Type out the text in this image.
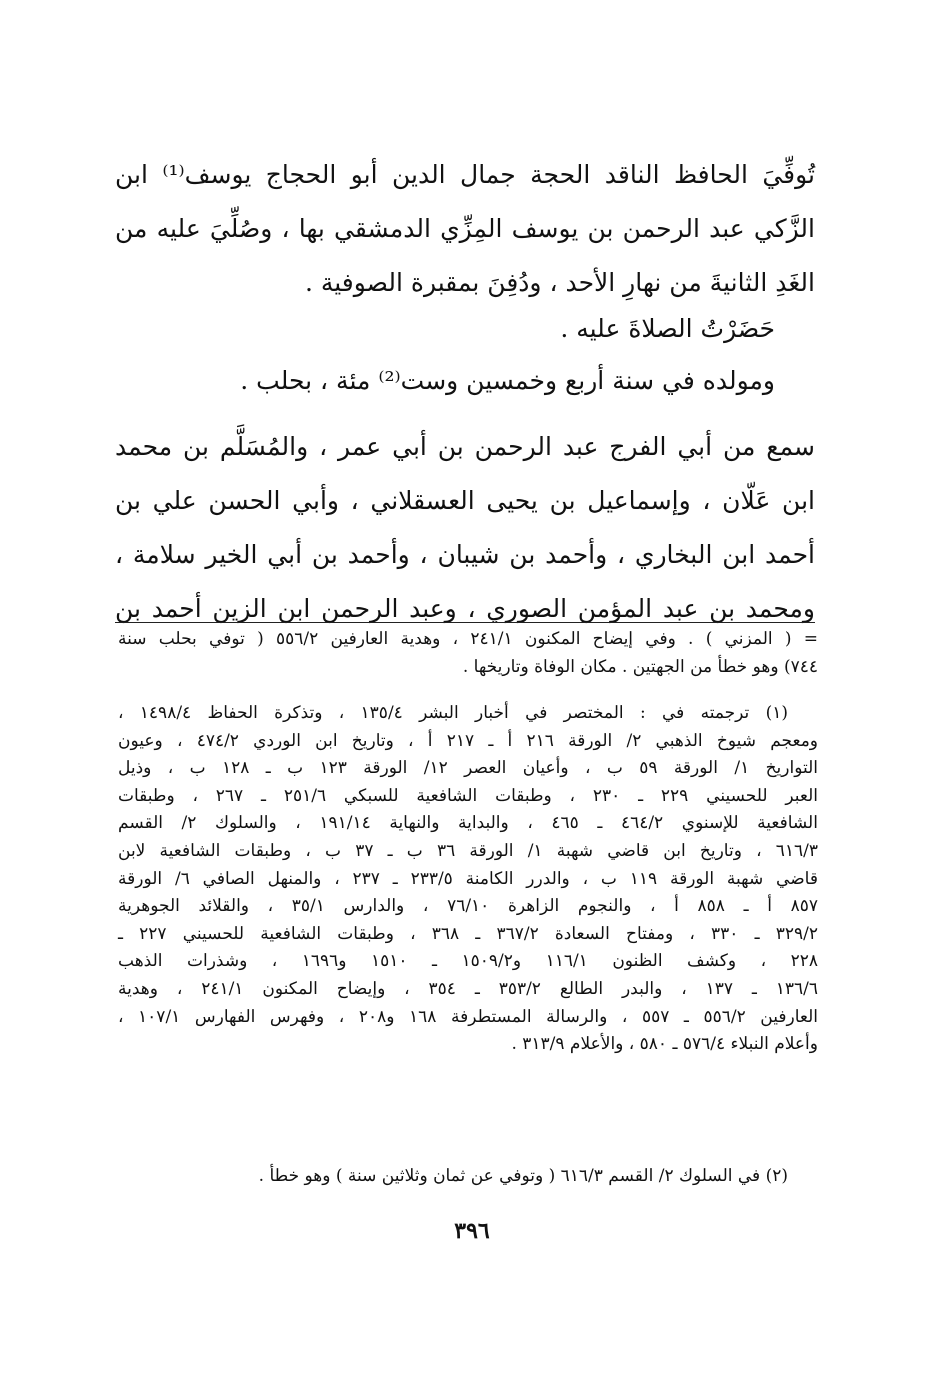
تُوفِّيَ الحافظ الناقد الحجة جمال الدين أبو الحجاج يوسف⁽¹⁾ ابن
الزَّكي عبد الرحمن بن يوسف المِزِّي الدمشقي بها ، وصُلِّيَ عليه من
الغَدِ الثانيةَ من نهارِ الأحد ، ودُفِنَ بمقبرة الصوفية .
حَضَرْتُ الصلاةَ عليه .
ومولده في سنة أربع وخمسين وست⁽²⁾ مئة ، بحلب .
سمع من أبي الفرج عبد الرحمن بن أبي عمر ، والمُسَلَّم بن محمد
ابن عَلّان ، وإسماعيل بن يحيى العسقلاني ، وأبي الحسن علي بن
أحمد ابن البخاري ، وأحمد بن شيبان ، وأحمد بن أبي الخير سلامة ،
ومحمد بن عبد المؤمن الصوري ، وعبد الرحمن ابن الزين أحمد بن
= ( المزني ) . وفي إيضاح المكنون ٢٤١/١ ، وهدية العارفين ٥٥٦/٢ ( توفي بحلب سنة
٧٤٤) وهو خطأ من الجهتين . مكان الوفاة وتاريخها .
(١) ترجمته في : المختصر في أخبار البشر ١٣٥/٤ ، وتذكرة الحفاظ ١٤٩٨/٤ ،
ومعجم شيوخ الذهبي ٢/ الورقة ٢١٦ أ ـ ٢١٧ أ ، وتاريخ ابن الوردي ٤٧٤/٢ ، وعيون
التواريخ ١/ الورقة ٥٩ ب ، وأعيان العصر ١٢/ الورقة ١٢٣ ب ـ ١٢٨ ب ، وذيل
العبر للحسيني ٢٢٩ ـ ٢٣٠ ، وطبقات الشافعية للسبكي ٢٥١/٦ ـ ٢٦٧ ، وطبقات
الشافعية للإسنوي ٤٦٤/٢ ـ ٤٦٥ ، والبداية والنهاية ١٩١/١٤ ، والسلوك ٢/ القسم
٦١٦/٣ ، وتاريخ ابن قاضي شهبة ١/ الورقة ٣٦ ب ـ ٣٧ ب ، وطبقات الشافعية لابن
قاضي شهبة الورقة ١١٩ ب ، والدرر الكامنة ٢٣٣/٥ ـ ٢٣٧ ، والمنهل الصافي ٦/ الورقة
٨٥٧ أ ـ ٨٥٨ أ ، والنجوم الزاهرة ٧٦/١٠ ، والدارس ٣٥/١ ، والقلائد الجوهرية
٣٢٩/٢ ـ ٣٣٠ ، ومفتاح السعادة ٣٦٧/٢ ـ ٣٦٨ ، وطبقات الشافعية للحسيني ٢٢٧ ـ
٢٢٨ ، وكشف الظنون ١١٦/١ و١٥٠٩/٢ ـ ١٥١٠ و١٦٩٦ ، وشذرات الذهب
١٣٦/٦ ـ ١٣٧ ، والبدر الطالع ٣٥٣/٢ ـ ٣٥٤ ، وإيضاح المكنون ٢٤١/١ ، وهدية
العارفين ٥٥٦/٢ ـ ٥٥٧ ، والرسالة المستطرفة ١٦٨ و٢٠٨ ، وفهرس الفهارس ١٠٧/١ ،
وأعلام النبلاء ٥٧٦/٤ ـ ٥٨٠ ، والأعلام ٣١٣/٩ .
(٢) في السلوك ٢/ القسم ٦١٦/٣ ( وتوفي عن ثمان وثلاثين سنة ) وهو خطأ .
٣٩٦
